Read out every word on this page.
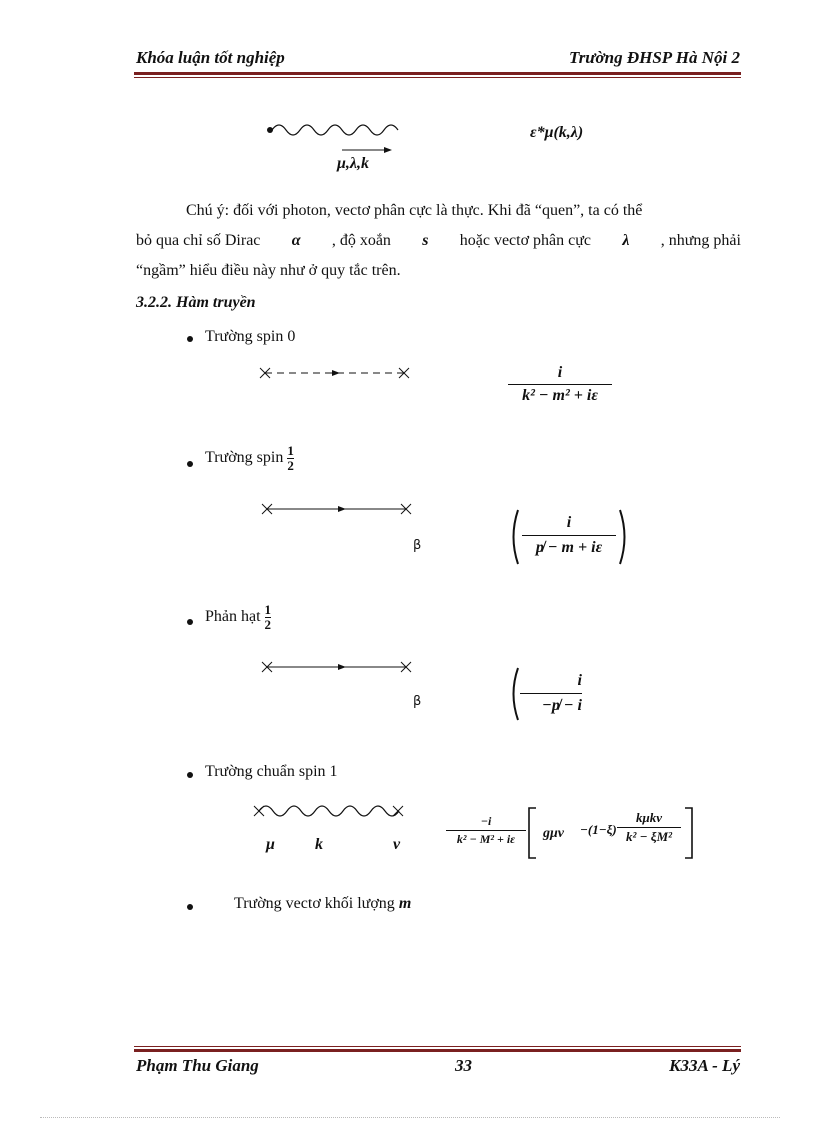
Khóa luận tốt nghiệp	Trường ĐHSP Hà Nội 2
μ,λ,k
ε*μ(k,λ)
Chú ý: đối với photon, vectơ phân cực là thực. Khi đã “quen”, ta có thể
bỏ qua chỉ số Dirac α , độ xoắn s hoặc vectơ phân cực λ , nhưng phải
“ngầm” hiểu điều này như ở quy tắc trên.
3.2.2. Hàm truyền
Trường spin 0
$\frac{i}{\text{k² − m² + iε}}$
Trường spin $\frac{1}{2}$
β	$\frac{i}{p̸ - m + i\varepsilon}$
Phản hạt $\frac{1}{2}$
β	$\frac{i}{-p̸ - i}$
Trường chuẩn spin 1
μ	k	ν	$\frac{-i}{\text{k² − M² + iε}}$ gμν −(1−ξ)
kμkν
k² − ξM²
Trường vectơ khối lượng m
Phạm Thu Giang	33	K33A - Lý
